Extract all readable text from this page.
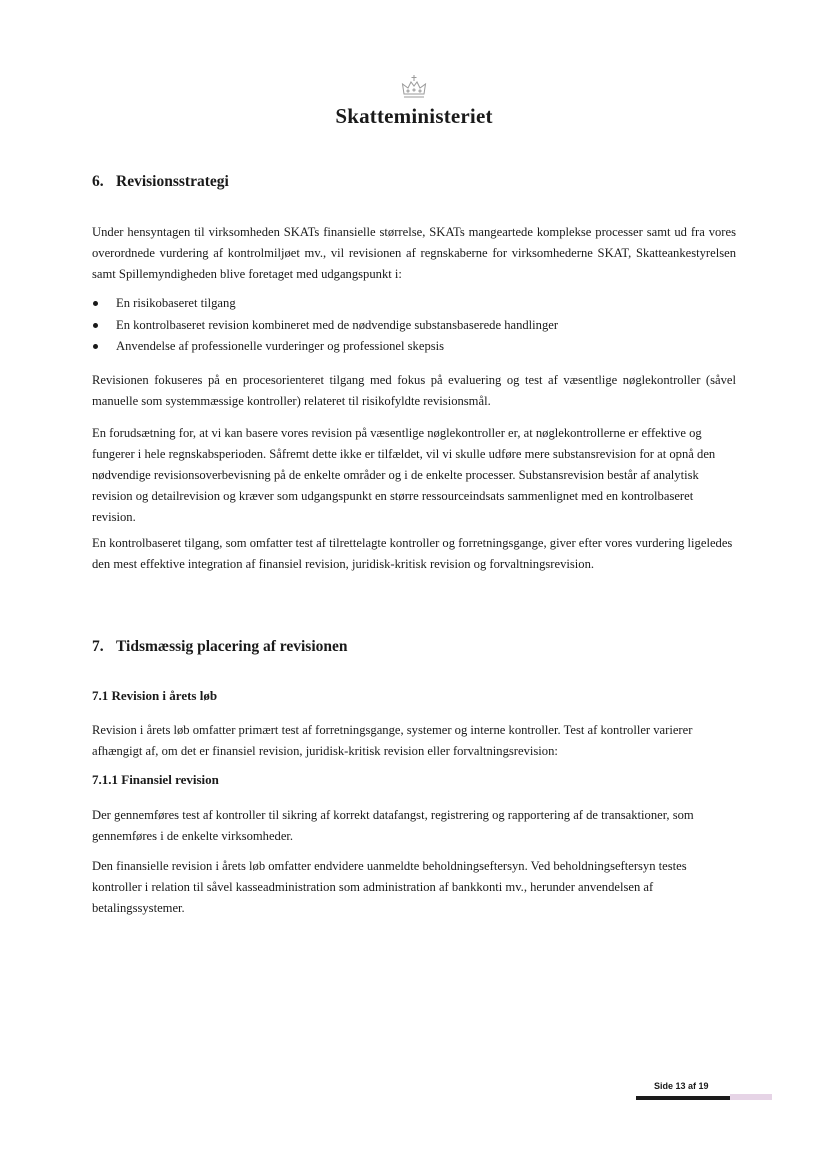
Skatteministeriet
6. Revisionsstrategi

Under hensyntagen til virksomheden SKATs finansielle størrelse, SKATs mangeartede komplekse processer samt ud fra vores overordnede vurdering af kontrolmiljøet mv., vil revisionen af regnskaberne for virksomhederne SKAT, Skatteankestyrelsen samt Spillemyndigheden blive foretaget med udgangspunkt i:

En risikobaseret tilgang
En kontrolbaseret revision kombineret med de nødvendige substansbaserede handlinger
Anvendelse af professionelle vurderinger og professionel skepsis

Revisionen fokuseres på en procesorienteret tilgang med fokus på evaluering og test af væsentlige nøglekontroller (såvel manuelle som systemmæssige kontroller) relateret til risikofyldte revisionsmål.

En forudsætning for, at vi kan basere vores revision på væsentlige nøglekontroller er, at nøglekontrollerne er effektive og fungerer i hele regnskabsperioden. Såfremt dette ikke er tilfældet, vil vi skulle udføre mere substansrevision for at opnå den nødvendige revisionsoverbevisning på de enkelte områder og i de enkelte processer. Substansrevision består af analytisk revision og detailrevision og kræver som udgangspunkt en større ressourceindsats sammenlignet med en kontrolbaseret revision.

En kontrolbaseret tilgang, som omfatter test af tilrettelagte kontroller og forretningsgange, giver efter vores vurdering ligeledes den mest effektive integration af finansiel revision, juridisk-kritisk revision og forvaltningsrevision.

7. Tidsmæssig placering af revisionen
7.1 Revision i årets løb

Revision i årets løb omfatter primært test af forretningsgange, systemer og interne kontroller. Test af kontroller varierer afhængigt af, om det er finansiel revision, juridisk-kritisk revision eller forvaltningsrevision:

7.1.1 Finansiel revision

Der gennemføres test af kontroller til sikring af korrekt datafangst, registrering og rapportering af de transaktioner, som gennemføres i de enkelte virksomheder.

Den finansielle revision i årets løb omfatter endvidere uanmeldte beholdningseftersyn. Ved beholdningseftersyn testes kontroller i relation til såvel kasseadministration som administration af bankkonti mv., herunder anvendelsen af betalingssystemer.

Side 13 af 19
